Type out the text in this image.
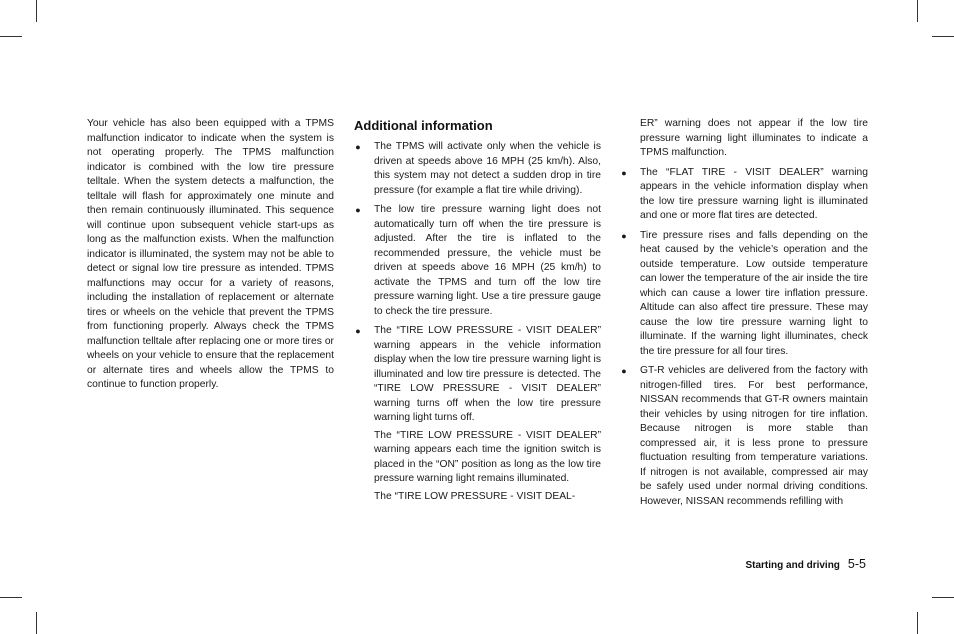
Your vehicle has also been equipped with a TPMS malfunction indicator to indicate when the system is not operating properly. The TPMS malfunction indicator is combined with the low tire pressure telltale. When the system detects a malfunction, the telltale will flash for approximately one minute and then remain continuously illuminated. This sequence will continue upon subsequent vehicle start-ups as long as the malfunction exists. When the malfunction indicator is illuminated, the system may not be able to detect or signal low tire pressure as intended. TPMS malfunctions may occur for a variety of reasons, including the installation of replacement or alternate tires or wheels on the vehicle that prevent the TPMS from functioning properly. Always check the TPMS malfunction telltale after replacing one or more tires or wheels on your vehicle to ensure that the replacement or alternate tires and wheels allow the TPMS to continue to function properly.

Additional information
● The TPMS will activate only when the vehicle is driven at speeds above 16 MPH (25 km/h). Also, this system may not detect a sudden drop in tire pressure (for example a flat tire while driving).

● The low tire pressure warning light does not automatically turn off when the tire pressure is adjusted. After the tire is inflated to the recommended pressure, the vehicle must be driven at speeds above 16 MPH (25 km/h) to activate the TPMS and turn off the low tire pressure warning light. Use a tire pressure gauge to check the tire pressure.

● The “TIRE LOW PRESSURE - VISIT DEALER” warning appears in the vehicle information display when the low tire pressure warning light is illuminated and low tire pressure is detected. The “TIRE LOW PRESSURE - VISIT DEALER” warning turns off when the low tire pressure warning light turns off.

The “TIRE LOW PRESSURE - VISIT DEALER” warning appears each time the ignition switch is placed in the “ON” position as long as the low tire pressure warning light remains illuminated.

The “TIRE LOW PRESSURE - VISIT DEAL-

ER” warning does not appear if the low tire pressure warning light illuminates to indicate a TPMS malfunction.

● The “FLAT TIRE - VISIT DEALER” warning appears in the vehicle information display when the low tire pressure warning light is illuminated and one or more flat tires are detected.

● Tire pressure rises and falls depending on the heat caused by the vehicle’s operation and the outside temperature. Low outside temperature can lower the temperature of the air inside the tire which can cause a lower tire inflation pressure. Altitude can also affect tire pressure. These may cause the low tire pressure warning light to illuminate. If the warning light illuminates, check the tire pressure for all four tires.

● GT-R vehicles are delivered from the factory with nitrogen-filled tires. For best performance, NISSAN recommends that GT-R owners maintain their vehicles by using nitrogen for tire inflation. Because nitrogen is more stable than compressed air, it is less prone to pressure fluctuation resulting from temperature variations. If nitrogen is not available, compressed air may be safely used under normal driving conditions. However, NISSAN recommends refilling with

Starting and driving 5-5
